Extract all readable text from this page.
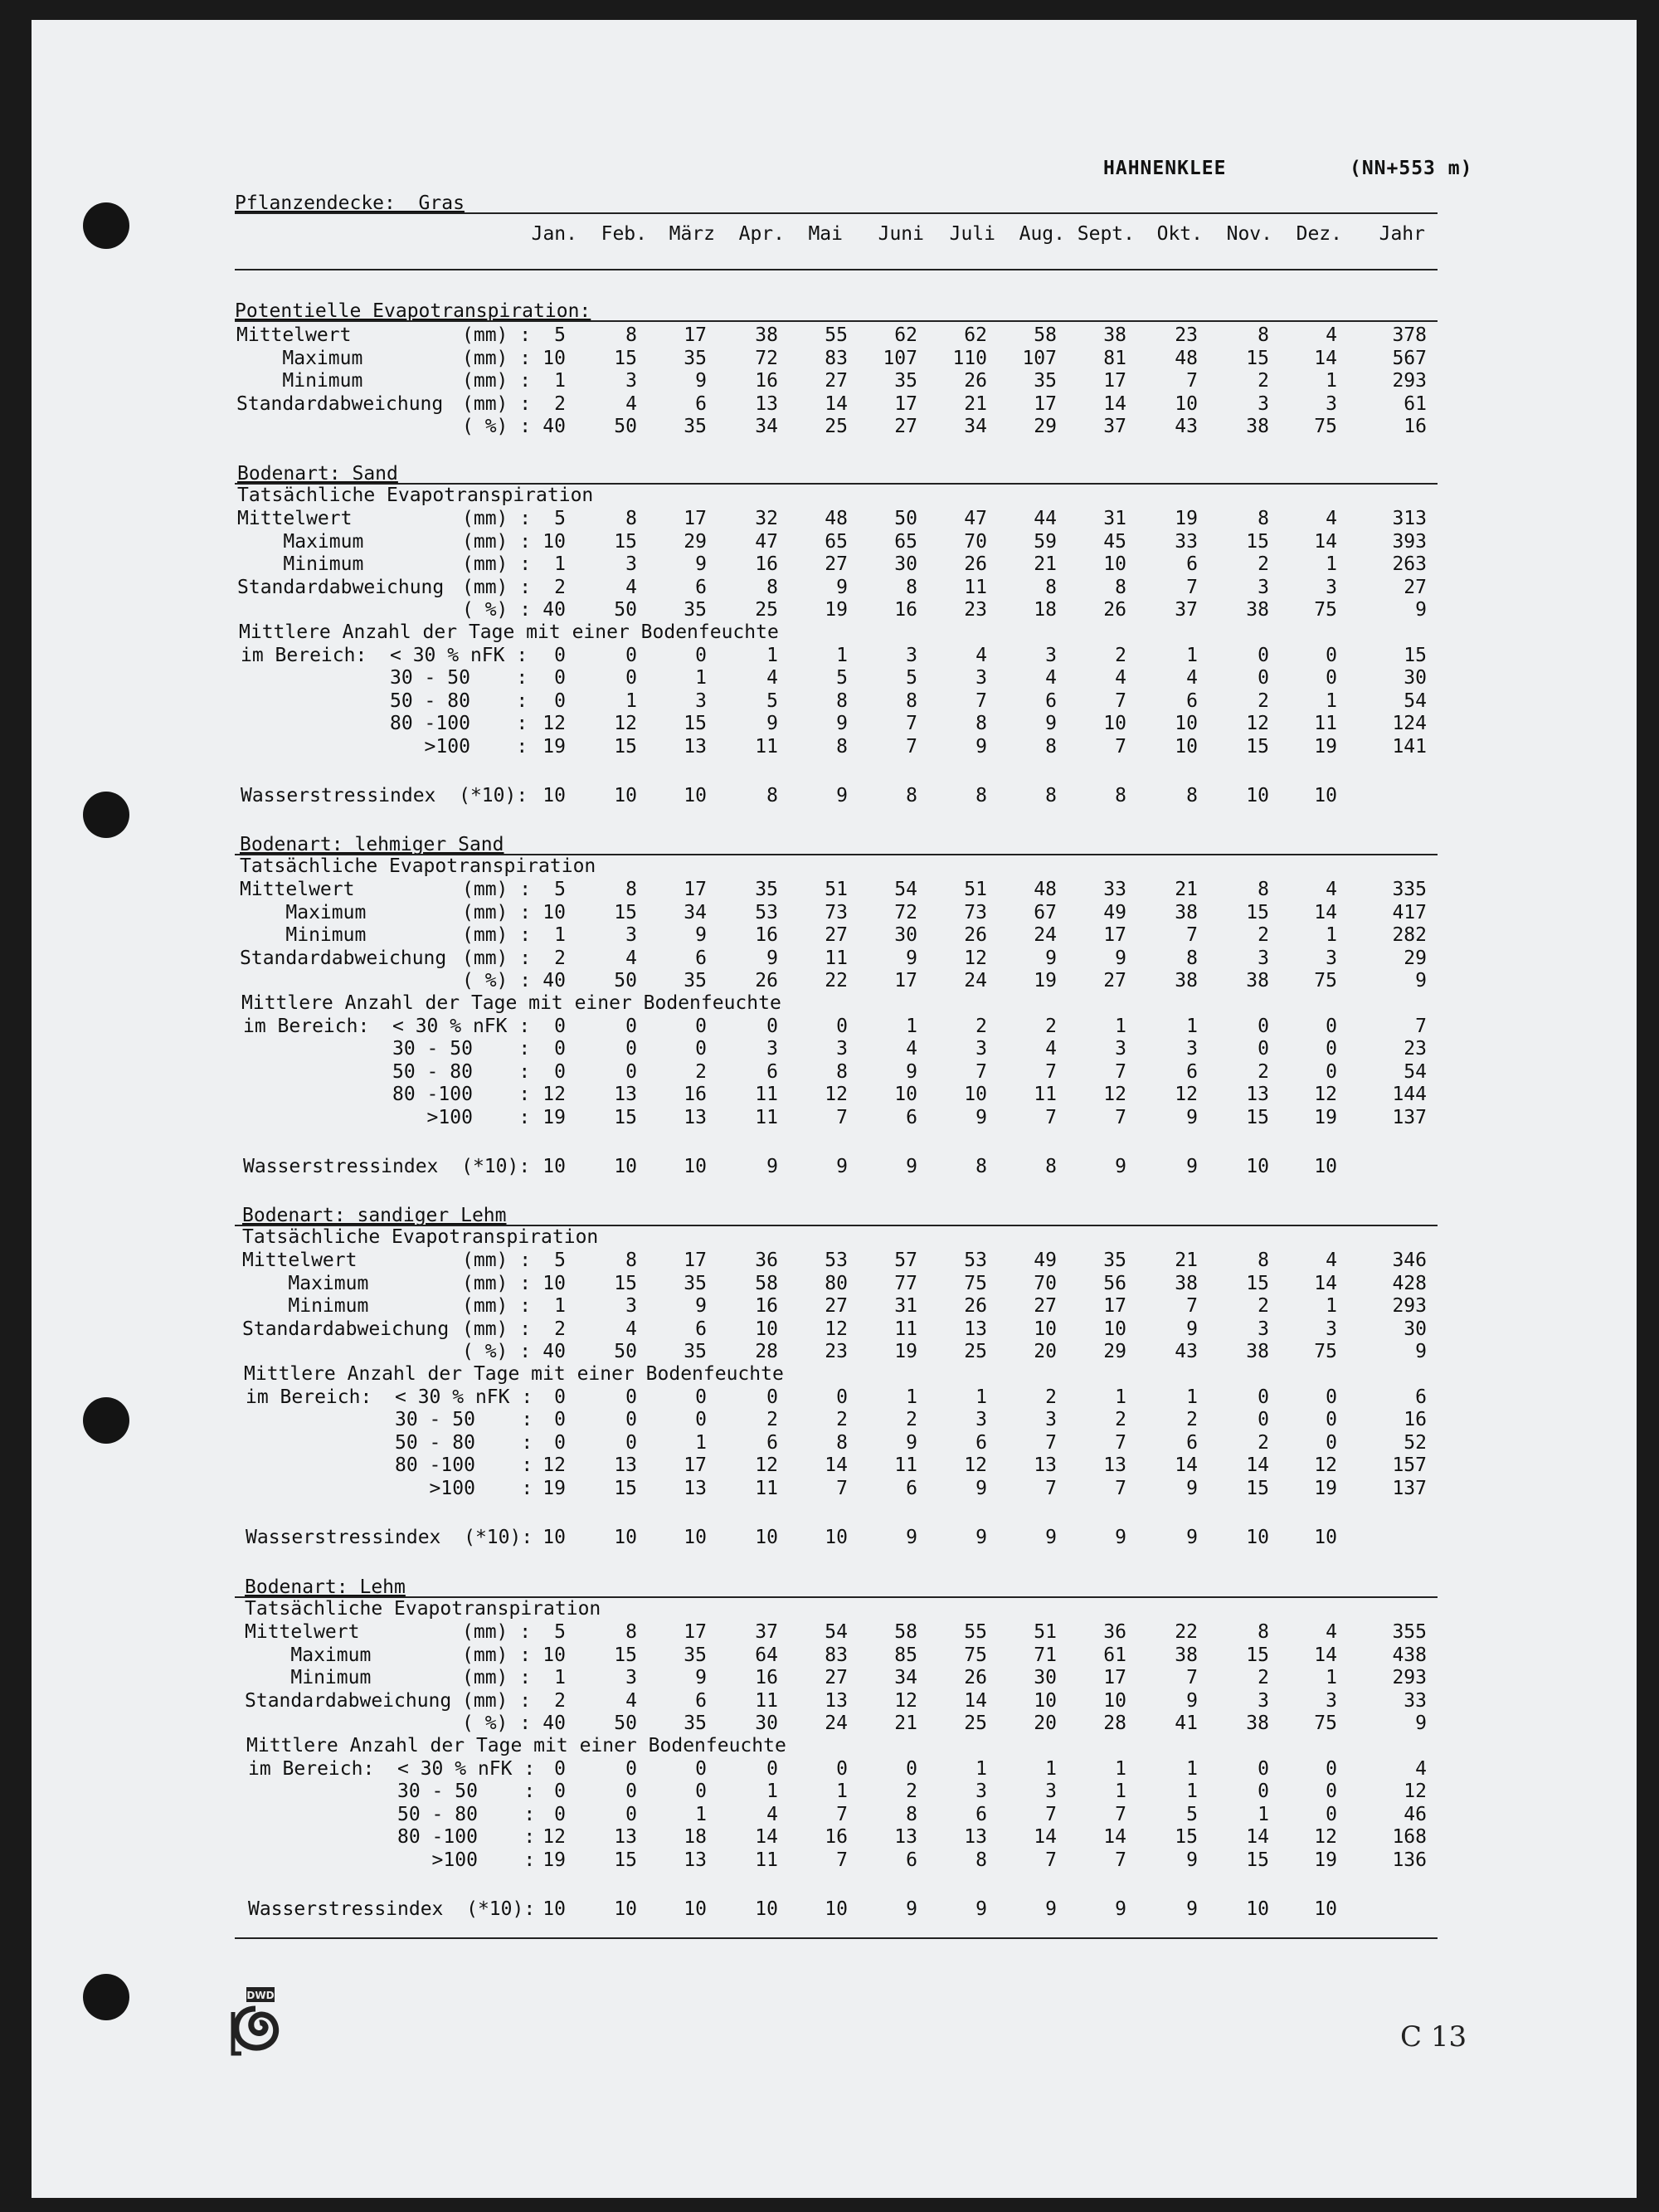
HAHNENKLEE	(NN+553 m)
Pflanzendecke:  Gras
Jan. Feb. März Apr. Mai Juni Juli Aug. Sept. Okt. Nov. Dez. Jahr
Potentielle Evapotranspiration:
Mittelwert	(mm) : 5	8 17	38 55 62 62 58 38	23	8	4	378
Maximum	(mm) : 10	15 35	72 83 107 110 107 81	48	15 14	567
Minimum	(mm) : 1	3	9	16 27 35 26 35 17	7	2	1	293
Standardabweichung (mm) : 2	4	6	13 14 17 21 17 14	10	3	3	61
( %) : 40	50 35	34 25 27 34 29 37	43	38 75	16
Bodenart: Sand
Tatsächliche Evapotranspiration
Mittelwert	(mm) : 5	8 17	32 48 50 47 44 31	19	8	4	313
Maximum	(mm) : 10	15 29	47 65 65 70 59 45	33	15 14	393
Minimum	(mm) : 1	3	9	16 27 30 26 21 10	6	2	1	263
Standardabweichung (mm) : 2	4	6	8	9	8 11	8	8	7	3	3	27
( %) : 40	50 35	25 19 16 23 18 26	37	38 75	9
Mittlere Anzahl der Tage mit einer Bodenfeuchte
im Bereich:  < 30 % nFK : 0	0	0	1	1	3	4	3	2	1	0	0	15
30 - 50    : 0	0	1	4	5	5	3	4	4	4	0	0	30
50 - 80    : 0	1	3	5	8	8	7	6	7	6	2	1	54
80 -100    : 12	12 15	9	9	7	8	9 10	10	12 11	124
>100    : 19	15 13	11	8	7	9	8	7	10	15 19	141
Wasserstressindex  (*10): 10	10 10	8	9	8	8	8	8	8	10 10
Bodenart: lehmiger Sand
Tatsächliche Evapotranspiration
Mittelwert	(mm) : 5	8 17	35 51 54 51 48 33	21	8	4	335
Maximum	(mm) : 10	15 34	53 73 72 73 67 49	38	15 14	417
Minimum	(mm) : 1	3	9	16 27 30 26 24 17	7	2	1	282
Standardabweichung (mm) : 2	4	6	9 11	9 12	9	9	8	3	3	29
( %) : 40	50 35	26 22 17 24 19 27	38	38 75	9
Mittlere Anzahl der Tage mit einer Bodenfeuchte
im Bereich:  < 30 % nFK : 0	0	0	0	0	1	2	2	1	1	0	0	7
30 - 50    : 0	0	0	3	3	4	3	4	3	3	0	0	23
50 - 80    : 0	0	2	6	8	9	7	7	7	6	2	0	54
80 -100    : 12	13 16	11 12 10 10 11 12	12	13 12	144
>100    : 19	15 13	11	7	6	9	7	7	9	15 19	137
Wasserstressindex  (*10): 10	10 10	9	9	9	8	8	9	9	10 10
Bodenart: sandiger Lehm
Tatsächliche Evapotranspiration
Mittelwert	(mm) : 5	8 17	36 53 57 53 49 35	21	8	4	346
Maximum	(mm) : 10	15 35	58 80 77 75 70 56	38	15 14	428
Minimum	(mm) : 1	3	9	16 27 31 26 27 17	7	2	1	293
Standardabweichung (mm) : 2	4	6	10 12 11 13 10 10	9	3	3	30
( %) : 40	50 35	28 23 19 25 20 29	43	38 75	9
Mittlere Anzahl der Tage mit einer Bodenfeuchte
im Bereich:  < 30 % nFK : 0	0	0	0	0	1	1	2	1	1	0	0	6
30 - 50    : 0	0	0	2	2	2	3	3	2	2	0	0	16
50 - 80    : 0	0	1	6	8	9	6	7	7	6	2	0	52
80 -100    : 12	13 17	12 14 11 12 13 13	14	14 12	157
>100    : 19	15 13	11	7	6	9	7	7	9	15 19	137
Wasserstressindex  (*10): 10	10 10	10 10	9	9	9	9	9	10 10
Bodenart: Lehm
Tatsächliche Evapotranspiration
Mittelwert	(mm) : 5	8 17	37 54 58 55 51 36	22	8	4	355
Maximum	(mm) : 10	15 35	64 83 85 75 71 61	38	15 14	438
Minimum	(mm) : 1	3	9	16 27 34 26 30 17	7	2	1	293
Standardabweichung (mm) : 2	4	6	11 13 12 14 10 10	9	3	3	33
( %) : 40	50 35	30 24 21 25 20 28	41	38 75	9
Mittlere Anzahl der Tage mit einer Bodenfeuchte
im Bereich:  < 30 % nFK : 0	0	0	0	0	0	1	1	1	1	0	0	4
30 - 50    : 0	0	0	1	1	2	3	3	1	1	0	0	12
50 - 80    : 0	0	1	4	7	8	6	7	7	5	1	0	46
80 -100    : 12	13 18	14 16 13 13 14 14	15	14 12	168
>100    : 19	15 13	11	7	6	8	7	7	9	15 19	136
Wasserstressindex  (*10): 10	10 10	10 10	9	9	9	9	9	10 10
DWD
C 13
